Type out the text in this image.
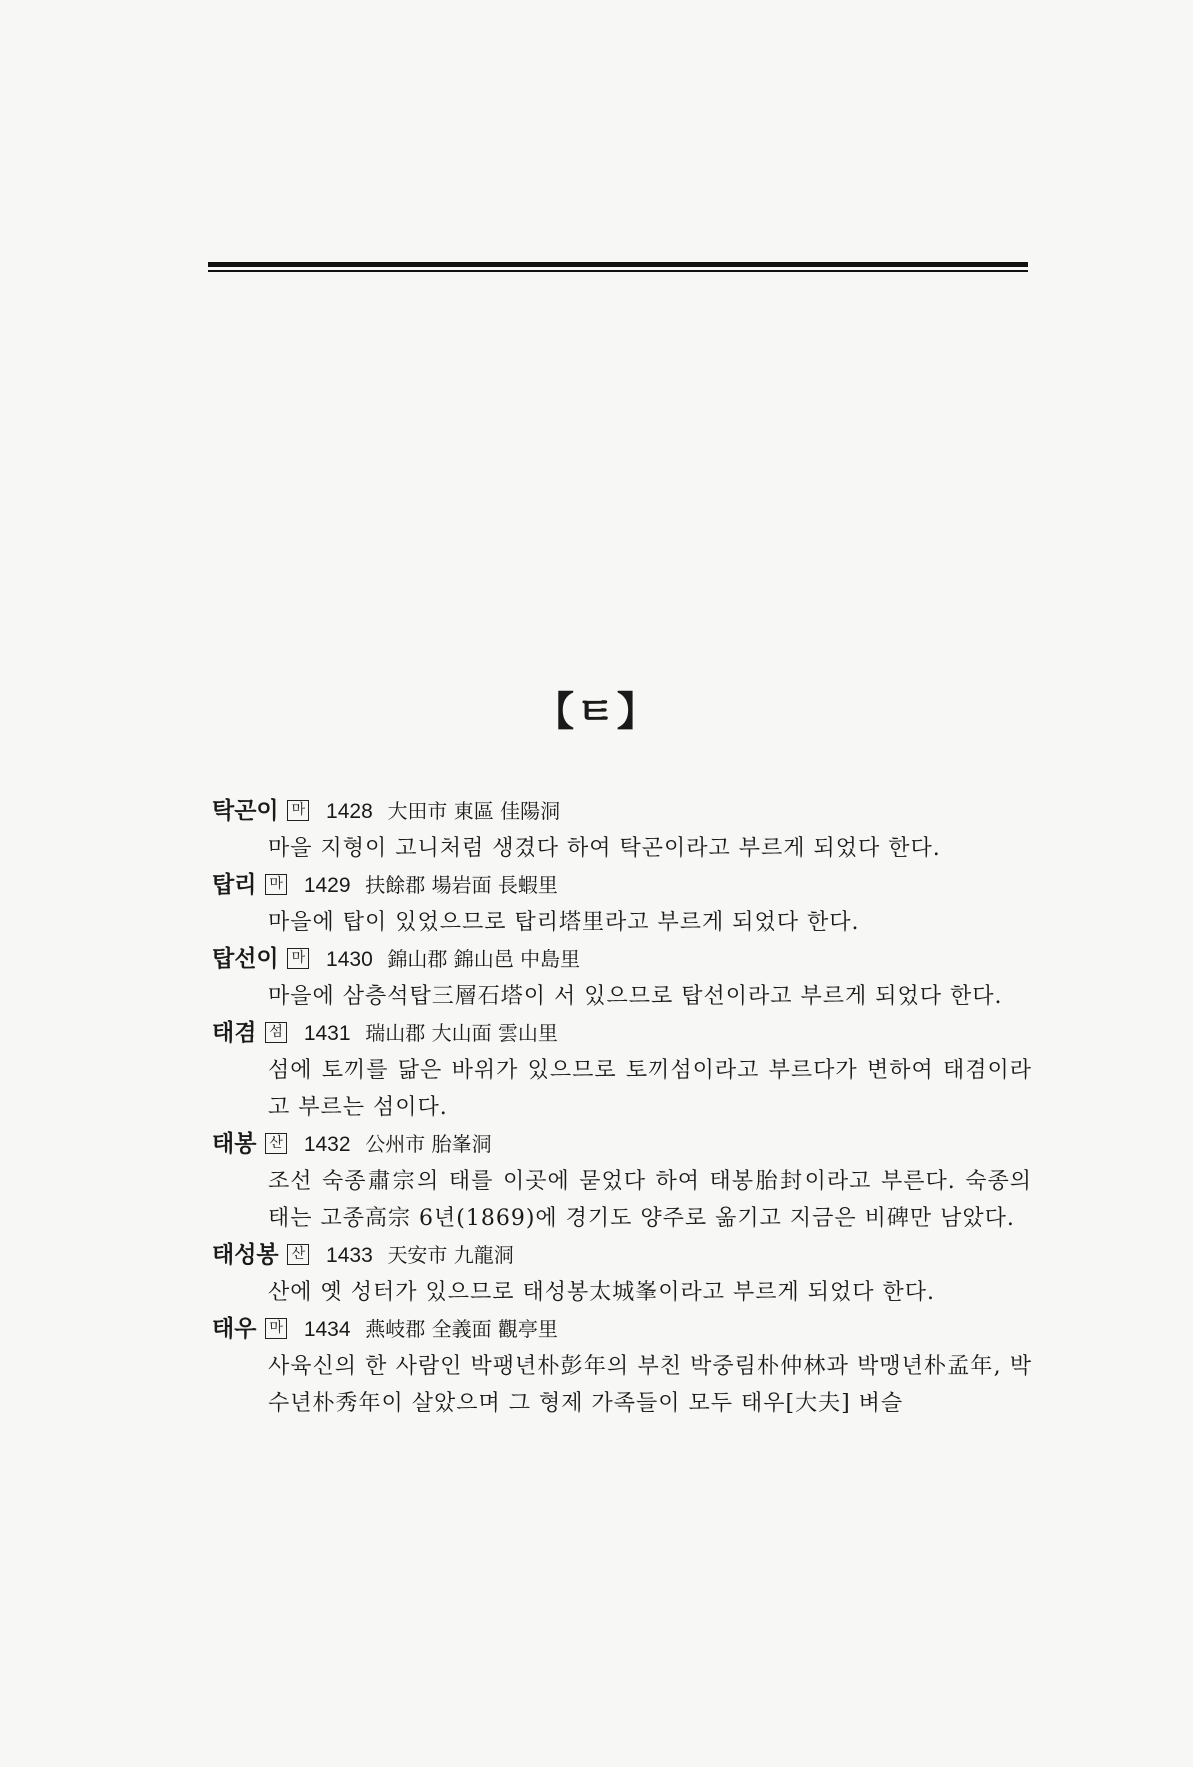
【ㅌ】
탁곤이 마 1428 大田市 東區 佳陽洞

마을 지형이 고니처럼 생겼다 하여 탁곤이라고 부르게 되었다 한다.

탑리 마 1429 扶餘郡 場岩面 長蝦里

마을에 탑이 있었으므로 탑리塔里라고 부르게 되었다 한다.

탑선이 마 1430 錦山郡 錦山邑 中島里

마을에 삼층석탑三層石塔이 서 있으므로 탑선이라고 부르게 되었다 한다.

태겸 섬 1431 瑞山郡 大山面 雲山里

섬에 토끼를 닮은 바위가 있으므로 토끼섬이라고 부르다가 변하여 태겸이라고 부르는 섬이다.

태봉 산 1432 公州市 胎峯洞

조선 숙종肅宗의 태를 이곳에 묻었다 하여 태봉胎封이라고 부른다. 숙종의 태는 고종高宗 6년(1869)에 경기도 양주로 옮기고 지금은 비碑만 남았다.

태성봉 산 1433 天安市 九龍洞

산에 옛 성터가 있으므로 태성봉太城峯이라고 부르게 되었다 한다.

태우 마 1434 燕岐郡 全義面 觀亭里

사육신의 한 사람인 박팽년朴彭年의 부친 박중림朴仲林과 박맹년朴孟年, 박수년朴秀年이 살았으며 그 형제 가족들이 모두 태우[大夫] 벼슬
